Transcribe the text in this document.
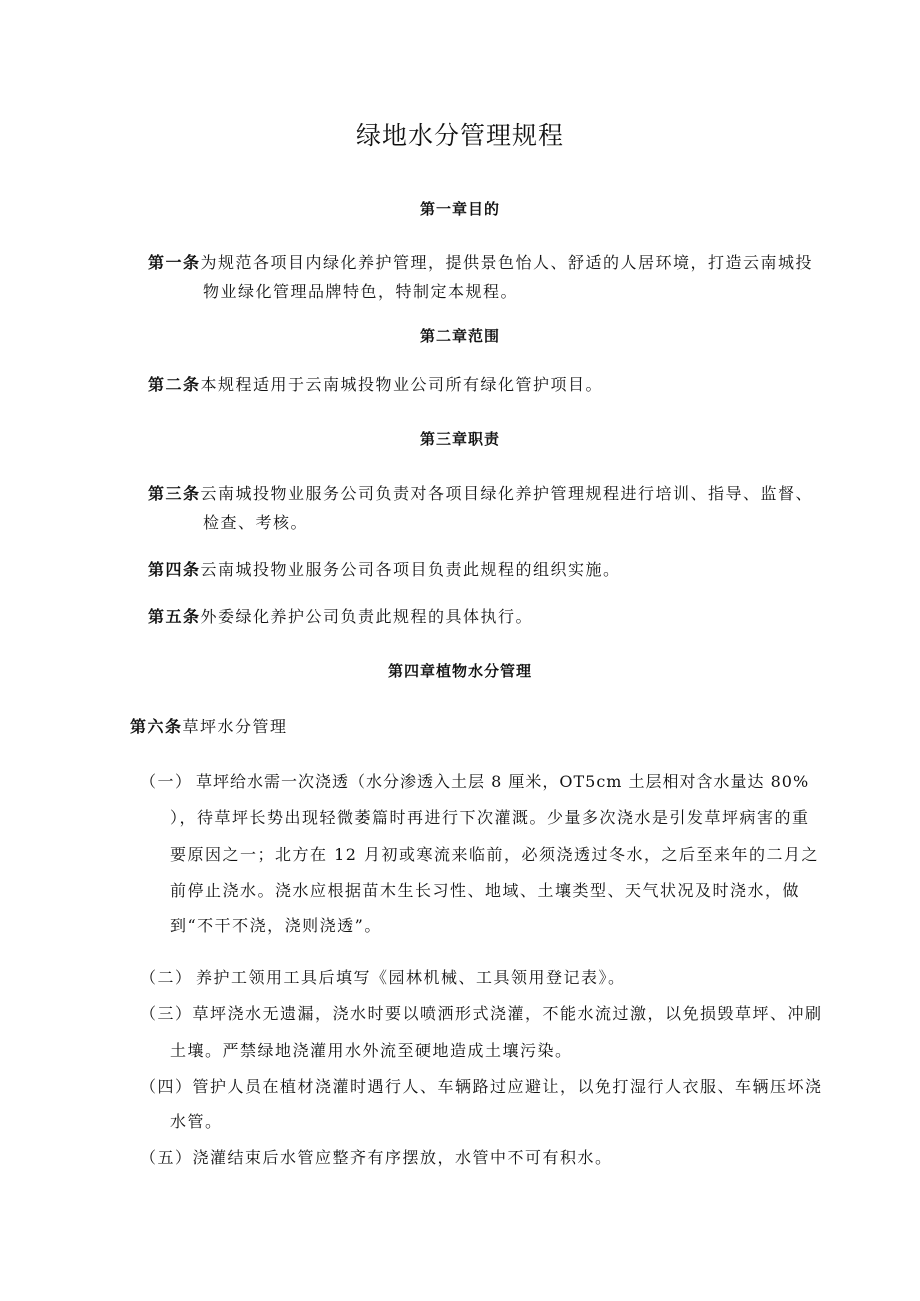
绿地水分管理规程
第一章目的
第一条为规范各项目内绿化养护管理，提供景色怡人、舒适的人居环境，打造云南城投
物业绿化管理品牌特色，特制定本规程。
第二章范围
第二条本规程适用于云南城投物业公司所有绿化管护项目。
第三章职责
第三条云南城投物业服务公司负责对各项目绿化养护管理规程进行培训、指导、监督、
检查、考核。
第四条云南城投物业服务公司各项目负责此规程的组织实施。
第五条外委绿化养护公司负责此规程的具体执行。
第四章植物水分管理
第六条草坪水分管理
（一） 草坪给水需一次浇透（水分渗透入土层 8 厘米，OT5cm 土层相对含水量达 80%
），待草坪长势出现轻微萎篇时再进行下次灌溉。少量多次浇水是引发草坪病害的重
要原因之一；北方在 12 月初或寒流来临前，必须浇透过冬水，之后至来年的二月之
前停止浇水。浇水应根据苗木生长习性、地域、土壤类型、天气状况及时浇水，做
到“不干不浇，浇则浇透”。
（二） 养护工领用工具后填写《园林机械、工具领用登记表》。
（三）草坪浇水无遗漏，浇水时要以喷洒形式浇灌，不能水流过激，以免损毁草坪、冲刷
土壤。严禁绿地浇灌用水外流至硬地造成土壤污染。
（四）管护人员在植材浇灌时遇行人、车辆路过应避让，以免打湿行人衣服、车辆压坏浇
水管。
（五）浇灌结束后水管应整齐有序摆放，水管中不可有积水。
